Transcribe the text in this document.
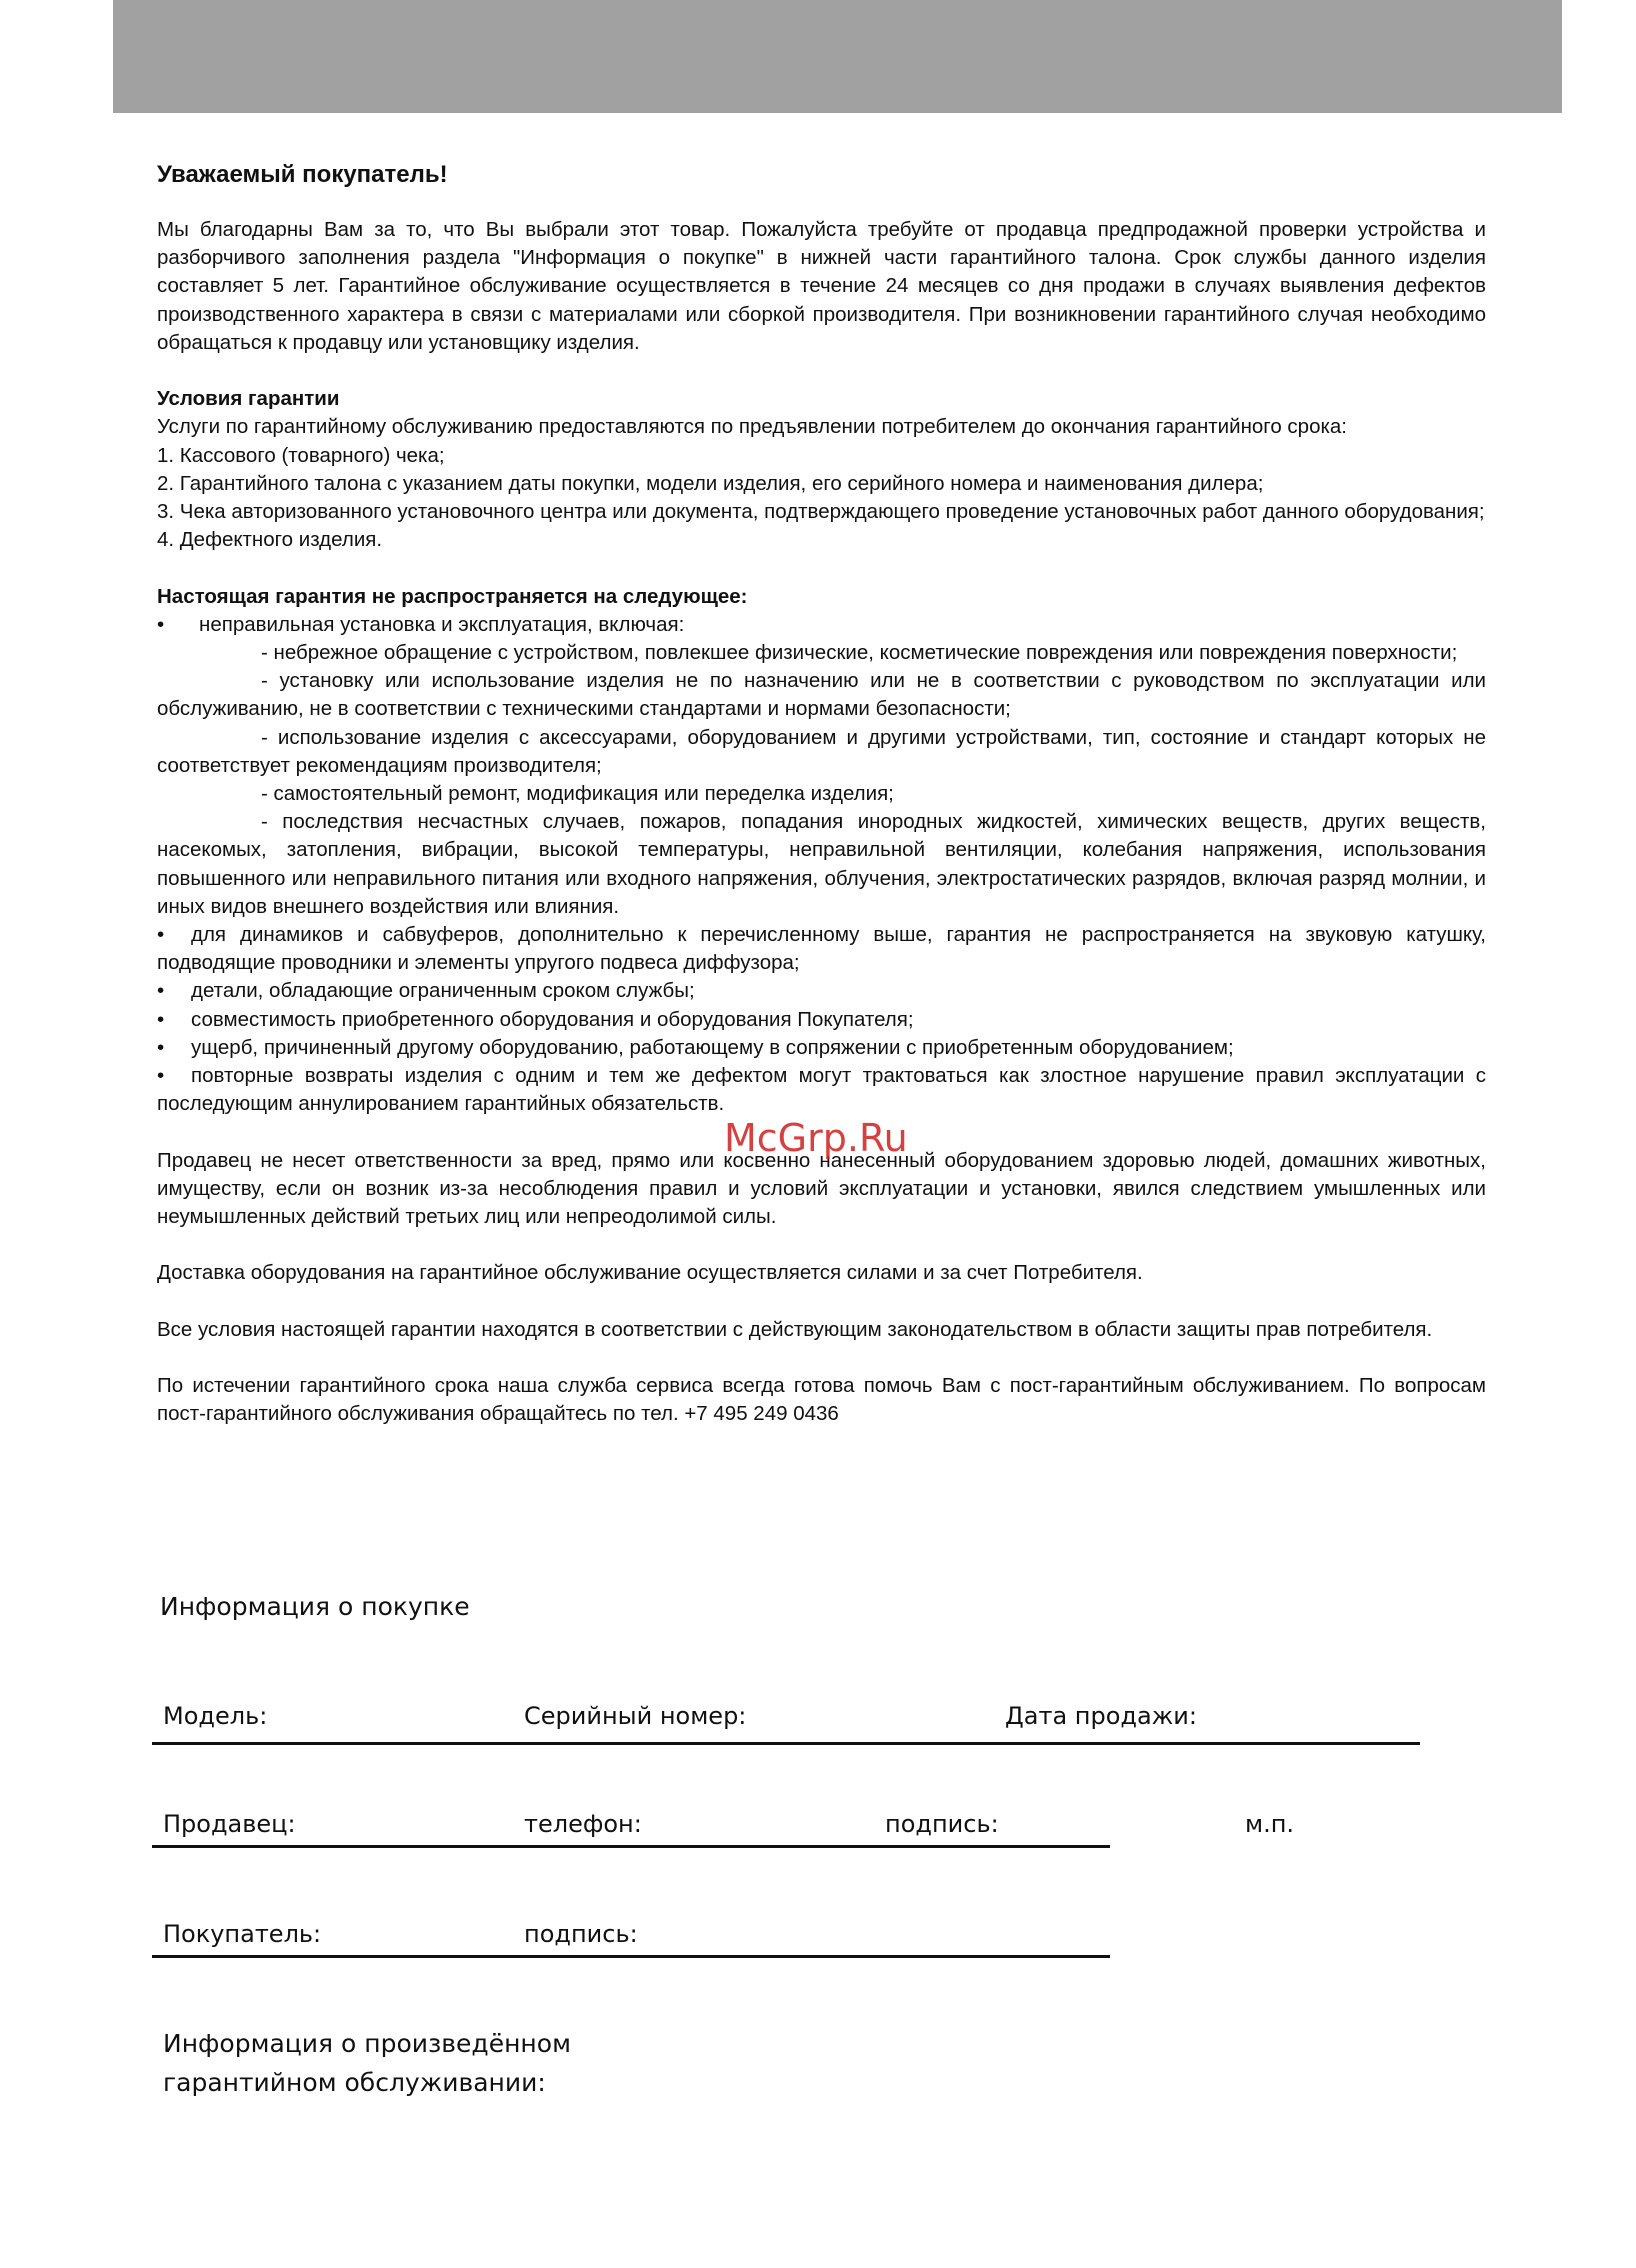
Уважаемый покупатель!

Мы благодарны Вам за то, что Вы выбрали этот товар. Пожалуйста требуйте от продавца предпродажной проверки устройства и разборчивого заполнения раздела "Информация о покупке" в нижней части гарантийного талона. Срок службы данного изделия составляет 5 лет. Гарантийное обслуживание осуществляется в течение 24 месяцев со дня продажи в случаях выявления дефектов производственного характера в связи с материалами или сборкой производителя. При возникновении гарантийного случая необходимо обращаться к продавцу или установщику изделия.

Условия гарантии

Услуги по гарантийному обслуживанию предоставляются по предъявлении потребителем до окончания гарантийного срока:

1. Кассового (товарного) чека;

2. Гарантийного талона с указанием даты покупки, модели изделия, его серийного номера и наименования дилера;

3. Чека авторизованного установочного центра или документа, подтверждающего проведение установочных работ данного оборудования;

4. Дефектного изделия.

Настоящая гарантия не распространяется на следующее:

• неправильная установка и эксплуатация, включая:

- небрежное обращение с устройством, повлекшее физические, косметические повреждения или повреждения поверхности;

- установку или использование изделия не по назначению или не в соответствии с руководством по эксплуатации или обслуживанию, не в соответствии с техническими стандартами и нормами безопасности;

- использование изделия с аксессуарами, оборудованием и другими устройствами, тип, состояние и стандарт которых не соответствует рекомендациям производителя;

- самостоятельный ремонт, модификация или переделка изделия;

- последствия несчастных случаев, пожаров, попадания инородных жидкостей, химических веществ, других веществ, насекомых, затопления, вибрации, высокой температуры, неправильной вентиляции, колебания напряжения, использования повышенного или неправильного питания или входного напряжения, облучения, электростатических разрядов, включая разряд молнии, и иных видов внешнего воздействия или влияния.

• для динамиков и сабвуферов, дополнительно к перечисленному выше, гарантия не распространяется на звуковую катушку, подводящие проводники и элементы упругого подвеса диффузора;

• детали, обладающие ограниченным сроком службы;

• совместимость приобретенного оборудования и оборудования Покупателя;

• ущерб, причиненный другому оборудованию, работающему в сопряжении с приобретенным оборудованием;

• повторные возвраты изделия с одним и тем же дефектом могут трактоваться как злостное нарушение правил эксплуатации с последующим аннулированием гарантийных обязательств.

Продавец не несет ответственности за вред, прямо или косвенно нанесенный оборудованием здоровью людей, домашних животных, имуществу, если он возник из-за несоблюдения правил и условий эксплуатации и установки, явился следствием умышленных или неумышленных действий третьих лиц или непреодолимой силы.

Доставка оборудования на гарантийное обслуживание осуществляется силами и за счет Потребителя.

Все условия настоящей гарантии находятся в соответствии с действующим законодательством в области защиты прав потребителя.

По истечении гарантийного срока наша служба сервиса всегда готова помочь Вам с пост-гарантийным обслуживанием. По вопросам пост-гарантийного обслуживания обращайтесь по тел. +7 495 249 0436

McGrp.Ru
Информация о покупке
Модель:	Серийный номер:	Дата продажи:
Продавец:	телефон:	подпись:	м.п.
Покупатель:	подпись:
Информация о произведённом
гарантийном обслуживании:
